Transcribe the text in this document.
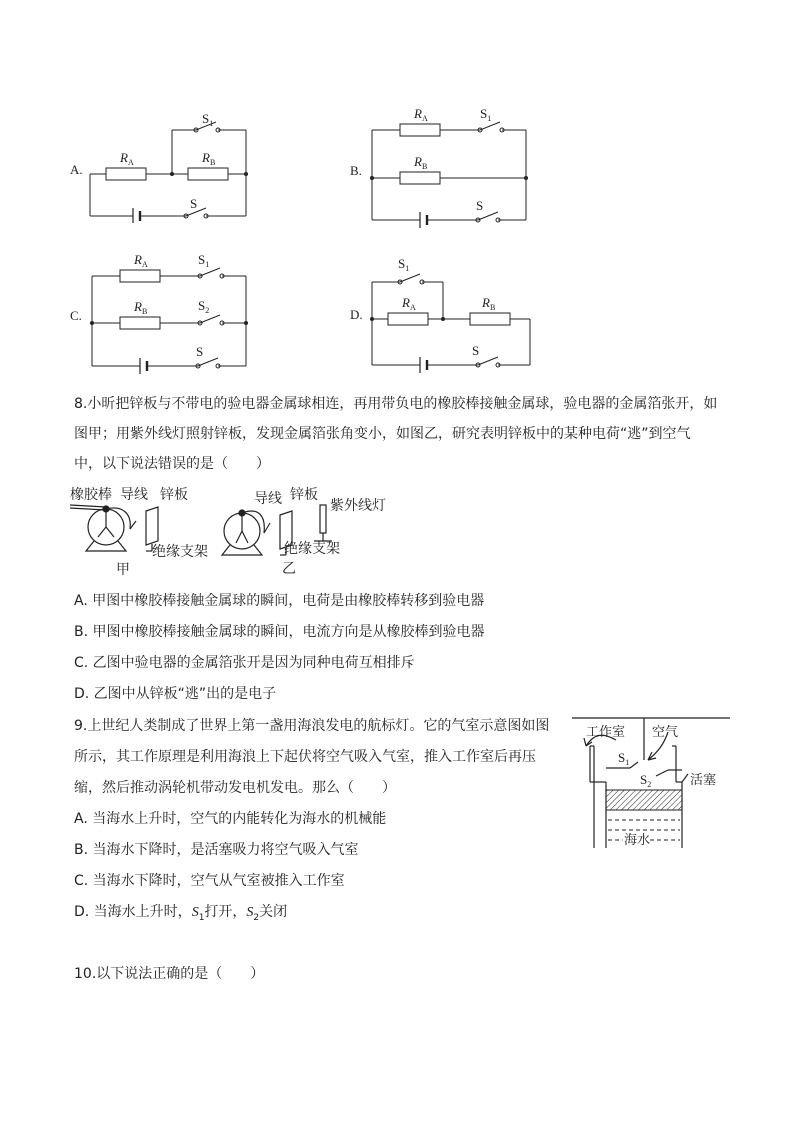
A.
$R_A$	$R_B$
$S_1$
S
B.
$R_A$
$R_B$
$S_1$
S
C.
$R_A$
$R_B$
$S_1$
$S_2$
S
D.
$R_A$	$R_B$
$S_1$
S
8.小昕把锌板与不带电的验电器金属球相连，再用带负电的橡胶棒接触金属球，验电器的金属箔张开，如
图甲；用紫外线灯照射锌板，发现金属箔张角变小，如图乙，研究表明锌板中的某种电荷“逃”到空气
中，以下说法错误的是（　　）
橡胶棒 导线 锌板
绝缘支架
甲
导线 锌板
紫外线灯
绝缘支架
乙
A. 甲图中橡胶棒接触金属球的瞬间，电荷是由橡胶棒转移到验电器
B. 甲图中橡胶棒接触金属球的瞬间，电流方向是从橡胶棒到验电器
C. 乙图中验电器的金属箔张开是因为同种电荷互相排斥
D. 乙图中从锌板“逃”出的是电子
9.上世纪人类制成了世界上第一盏用海浪发电的航标灯。它的气室示意图如图
所示，其工作原理是利用海浪上下起伏将空气吸入气室，推入工作室后再压
缩，然后推动涡轮机带动发电机发电。那么（　　）
工作室 空气
$S_1$
$S_2$	活塞
海水
A. 当海水上升时，空气的内能转化为海水的机械能
B. 当海水下降时，是活塞吸力将空气吸入气室
C. 当海水下降时，空气从气室被推入工作室
D. 当海水上升时，$S_1$打开，$S_2$关闭
10.以下说法正确的是（　　）
